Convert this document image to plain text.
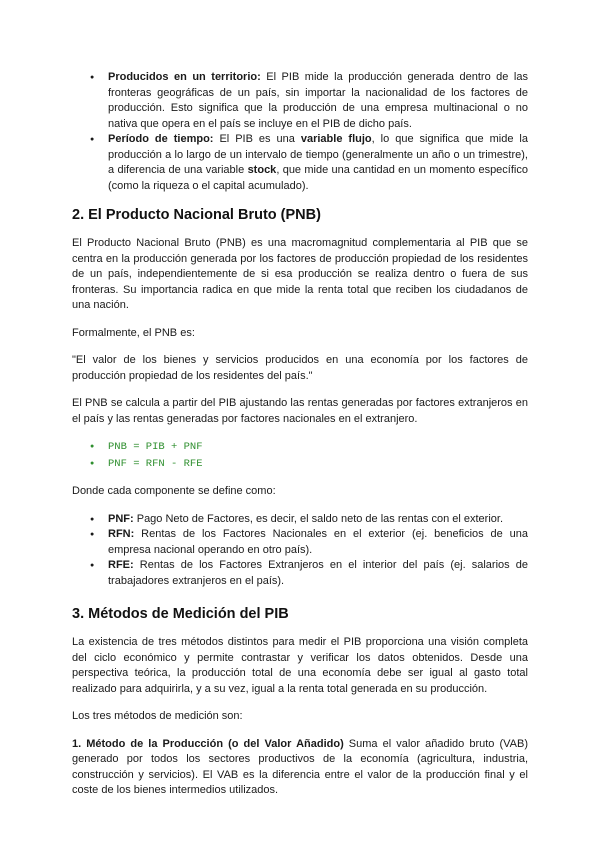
● Producidos en un territorio: El PIB mide la producción generada dentro de las fronteras geográficas de un país, sin importar la nacionalidad de los factores de producción. Esto significa que la producción de una empresa multinacional o no nativa que opera en el país se incluye en el PIB de dicho país.
● Período de tiempo: El PIB es una variable flujo, lo que significa que mide la producción a lo largo de un intervalo de tiempo (generalmente un año o un trimestre), a diferencia de una variable stock, que mide una cantidad en un momento específico (como la riqueza o el capital acumulado).
2. El Producto Nacional Bruto (PNB)

El Producto Nacional Bruto (PNB) es una macromagnitud complementaria al PIB que se centra en la producción generada por los factores de producción propiedad de los residentes de un país, independientemente de si esa producción se realiza dentro o fuera de sus fronteras. Su importancia radica en que mide la renta total que reciben los ciudadanos de una nación.

Formalmente, el PNB es:

"El valor de los bienes y servicios producidos en una economía por los factores de producción propiedad de los residentes del país."

El PNB se calcula a partir del PIB ajustando las rentas generadas por factores extranjeros en el país y las rentas generadas por factores nacionales en el extranjero.

● PNB = PIB + PNF
● PNF = RFN - RFE

Donde cada componente se define como:

● PNF: Pago Neto de Factores, es decir, el saldo neto de las rentas con el exterior.
● RFN: Rentas de los Factores Nacionales en el exterior (ej. beneficios de una empresa nacional operando en otro país).
● RFE: Rentas de los Factores Extranjeros en el interior del país (ej. salarios de trabajadores extranjeros en el país).
3. Métodos de Medición del PIB

La existencia de tres métodos distintos para medir el PIB proporciona una visión completa del ciclo económico y permite contrastar y verificar los datos obtenidos. Desde una perspectiva teórica, la producción total de una economía debe ser igual al gasto total realizado para adquirirla, y a su vez, igual a la renta total generada en su producción.

Los tres métodos de medición son:

1. Método de la Producción (o del Valor Añadido) Suma el valor añadido bruto (VAB) generado por todos los sectores productivos de la economía (agricultura, industria, construcción y servicios). El VAB es la diferencia entre el valor de la producción final y el coste de los bienes intermedios utilizados.
